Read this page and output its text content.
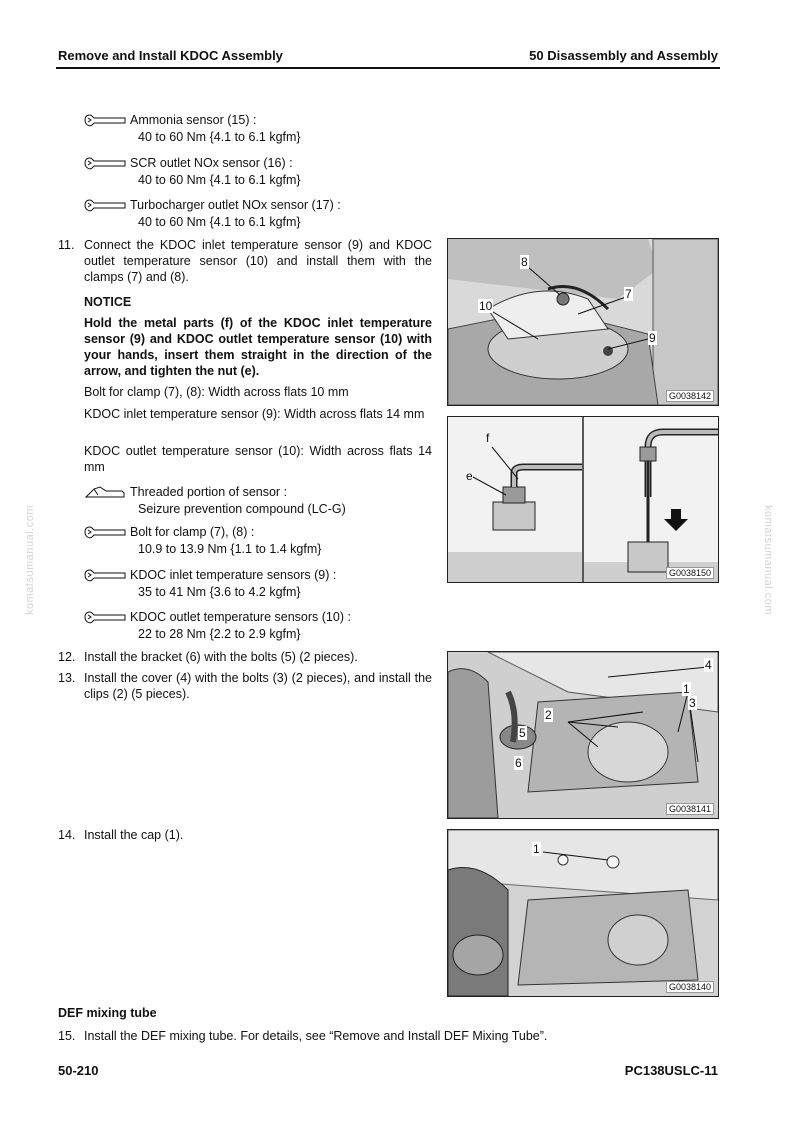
Remove and Install KDOC Assembly	50 Disassembly and Assembly
komatsumanual.com	komatsumanual.com
Ammonia sensor (15) :
40 to 60 Nm {4.1 to 6.1 kgfm}
SCR outlet NOx sensor (16) :
40 to 60 Nm {4.1 to 6.1 kgfm}
Turbocharger outlet NOx sensor (17) :
40 to 60 Nm {4.1 to 6.1 kgfm}
11. Connect the KDOC inlet temperature sensor (9) and KDOC outlet temperature sensor (10) and install them with the clamps (7) and (8).
NOTICE
Hold the metal parts (f) of the KDOC inlet temperature sensor (9) and KDOC outlet temperature sensor (10) with your hands, insert them straight in the direction of the arrow, and tighten the nut (e).
Bolt for clamp (7), (8): Width across flats 10 mm
KDOC inlet temperature sensor (9): Width across flats 14 mm
KDOC outlet temperature sensor (10): Width across flats 14 mm
Threaded portion of sensor :
Seizure prevention compound (LC-G)
Bolt for clamp (7), (8) :
10.9 to 13.9 Nm {1.1 to 1.4 kgfm}
KDOC inlet temperature sensors (9) :
35 to 41 Nm {3.6 to 4.2 kgfm}
KDOC outlet temperature sensors (10) :
22 to 28 Nm {2.2 to 2.9 kgfm}
12. Install the bracket (6) with the bolts (5) (2 pieces).
13. Install the cover (4) with the bolts (3) (2 pieces), and install the clips (2) (5 pieces).
14. Install the cap (1).
DEF mixing tube
15. Install the DEF mixing tube. For details, see “Remove and Install DEF Mixing Tube”.
8
7
10
9
G0038142
f
e
G0038150
4
1
3
2
5
6
G0038141
1
G0038140
50-210	PC138USLC-11
